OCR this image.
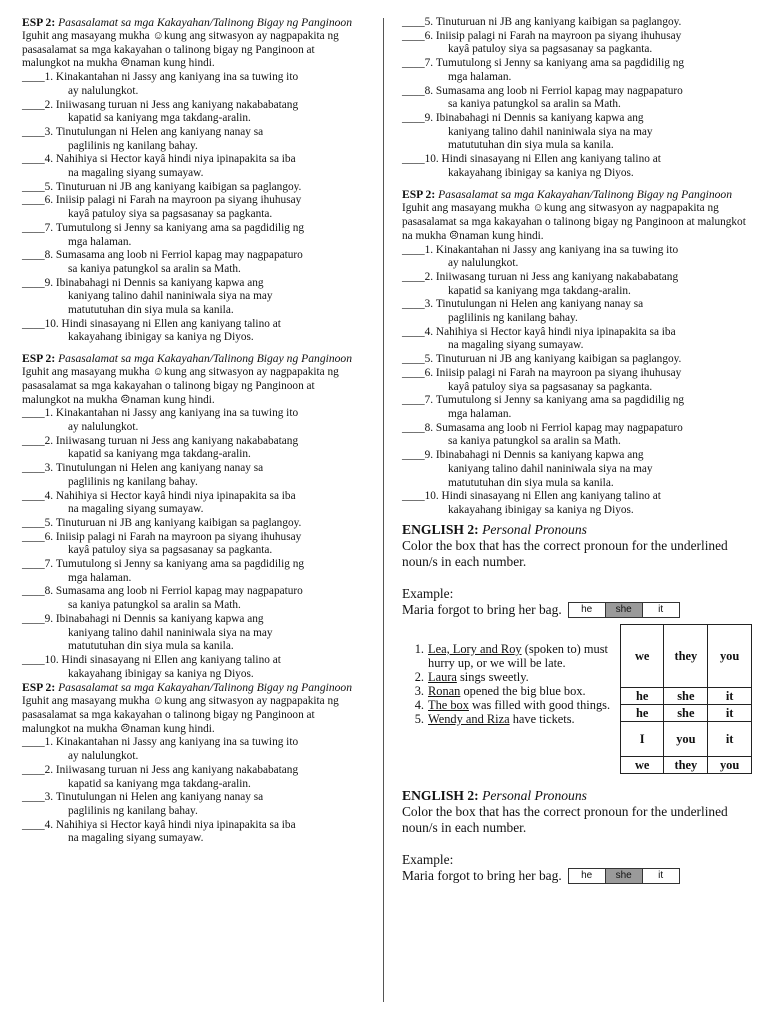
ESP 2: Pasasalamat sa mga Kakayahan/Talinong Bigay ng Panginoon

Iguhit ang masayang mukha ☺kung ang sitwasyon ay nagpapakita ng pasasalamat sa mga kakayahan o talinong bigay ng Panginoon at malungkot na mukha ☹naman kung hindi.

____ 1. Kinakantahan ni Jassy ang kaniyang ina sa tuwing ito
ay nalulungkot.
____ 2. Iniiwasang turuan ni Jess ang kaniyang nakababatang
kapatid sa kaniyang mga takdang-aralin.
____ 3. Tinutulungan ni Helen ang kaniyang nanay sa
paglilinis ng kanilang bahay.
____ 4. Nahihiya si Hector kayâ hindi niya ipinapakita sa iba
na magaling siyang sumayaw.
____ 5. Tinuturuan ni JB ang kaniyang kaibigan sa paglangoy.
____ 6. Iniisip palagi ni Farah na mayroon pa siyang ihuhusay
kayâ patuloy siya sa pagsasanay sa pagkanta.
____ 7. Tumutulong si Jenny sa kaniyang ama sa pagdidilig ng
mga halaman.
____ 8. Sumasama ang loob ni Ferriol kapag may nagpapaturo
sa kaniya patungkol sa aralin sa Math.
____ 9. Ibinabahagi ni Dennis sa kaniyang kapwa ang
kaniyang talino dahil naniniwala siya na may
matututuhan din siya mula sa kanila.
____ 10. Hindi sinasayang ni Ellen ang kaniyang talino at
kakayahang ibinigay sa kaniya ng Diyos.

ESP 2: Pasasalamat sa mga Kakayahan/Talinong Bigay ng Panginoon

Iguhit ang masayang mukha ☺kung ang sitwasyon ay nagpapakita ng pasasalamat sa mga kakayahan o talinong bigay ng Panginoon at malungkot na mukha ☹naman kung hindi.

____ 1. Kinakantahan ni Jassy ang kaniyang ina sa tuwing ito
ay nalulungkot.
____ 2. Iniiwasang turuan ni Jess ang kaniyang nakababatang
kapatid sa kaniyang mga takdang-aralin.
____ 3. Tinutulungan ni Helen ang kaniyang nanay sa
paglilinis ng kanilang bahay.
____ 4. Nahihiya si Hector kayâ hindi niya ipinapakita sa iba
na magaling siyang sumayaw.
____ 5. Tinuturuan ni JB ang kaniyang kaibigan sa paglangoy.
____ 6. Iniisip palagi ni Farah na mayroon pa siyang ihuhusay
kayâ patuloy siya sa pagsasanay sa pagkanta.
____ 7. Tumutulong si Jenny sa kaniyang ama sa pagdidilig ng
mga halaman.
____ 8. Sumasama ang loob ni Ferriol kapag may nagpapaturo
sa kaniya patungkol sa aralin sa Math.
____ 9. Ibinabahagi ni Dennis sa kaniyang kapwa ang
kaniyang talino dahil naniniwala siya na may
matututuhan din siya mula sa kanila.
____ 10. Hindi sinasayang ni Ellen ang kaniyang talino at
kakayahang ibinigay sa kaniya ng Diyos.

ESP 2: Pasasalamat sa mga Kakayahan/Talinong Bigay ng Panginoon

Iguhit ang masayang mukha ☺kung ang sitwasyon ay nagpapakita ng pasasalamat sa mga kakayahan o talinong bigay ng Panginoon at malungkot na mukha ☹naman kung hindi.

____ 1. Kinakantahan ni Jassy ang kaniyang ina sa tuwing ito
ay nalulungkot.
____ 2. Iniiwasang turuan ni Jess ang kaniyang nakababatang
kapatid sa kaniyang mga takdang-aralin.
____ 3. Tinutulungan ni Helen ang kaniyang nanay sa
paglilinis ng kanilang bahay.
____ 4. Nahihiya si Hector kayâ hindi niya ipinapakita sa iba
na magaling siyang sumayaw.
____ 5. Tinuturuan ni JB ang kaniyang kaibigan sa paglangoy.
____ 6. Iniisip palagi ni Farah na mayroon pa siyang ihuhusay
kayâ patuloy siya sa pagsasanay sa pagkanta.
____ 7. Tumutulong si Jenny sa kaniyang ama sa pagdidilig ng
mga halaman.
____ 8. Sumasama ang loob ni Ferriol kapag may nagpapaturo
sa kaniya patungkol sa aralin sa Math.
____ 9. Ibinabahagi ni Dennis sa kaniyang kapwa ang
kaniyang talino dahil naniniwala siya na may
matututuhan din siya mula sa kanila.
____ 10. Hindi sinasayang ni Ellen ang kaniyang talino at
kakayahang ibinigay sa kaniya ng Diyos.

ESP 2: Pasasalamat sa mga Kakayahan/Talinong Bigay ng Panginoon

Iguhit ang masayang mukha ☺kung ang sitwasyon ay nagpapakita ng pasasalamat sa mga kakayahan o talinong bigay ng Panginoon at malungkot na mukha ☹naman kung hindi.

____ 1. Kinakantahan ni Jassy ang kaniyang ina sa tuwing ito
ay nalulungkot.
____ 2. Iniiwasang turuan ni Jess ang kaniyang nakababatang
kapatid sa kaniyang mga takdang-aralin.
____ 3. Tinutulungan ni Helen ang kaniyang nanay sa
paglilinis ng kanilang bahay.
____ 4. Nahihiya si Hector kayâ hindi niya ipinapakita sa iba
na magaling siyang sumayaw.
____ 5. Tinuturuan ni JB ang kaniyang kaibigan sa paglangoy.
____ 6. Iniisip palagi ni Farah na mayroon pa siyang ihuhusay
kayâ patuloy siya sa pagsasanay sa pagkanta.
____ 7. Tumutulong si Jenny sa kaniyang ama sa pagdidilig ng
mga halaman.
____ 8. Sumasama ang loob ni Ferriol kapag may nagpapaturo
sa kaniya patungkol sa aralin sa Math.
____ 9. Ibinabahagi ni Dennis sa kaniyang kapwa ang
kaniyang talino dahil naniniwala siya na may
matututuhan din siya mula sa kanila.
____ 10. Hindi sinasayang ni Ellen ang kaniyang talino at
kakayahang ibinigay sa kaniya ng Diyos.

ENGLISH 2: Personal Pronouns

Color the box that has the correct pronoun for the underlined noun/s in each number.

Example:

Maria forgot to bring her bag.	he	she	it
1. Lea, Lory and Roy (spoken to) must hurry up, or we will be late.
2. Laura sings sweetly.
3. Ronan opened the big blue box.
4. The box was filled with good things.
5. Wendy and Riza have tickets.
we	they	you
he	she	it
he	she	it
I	you	it
we	they	you

ENGLISH 2: Personal Pronouns

Color the box that has the correct pronoun for the underlined noun/s in each number.

Example:

Maria forgot to bring her bag.	he	she	it
